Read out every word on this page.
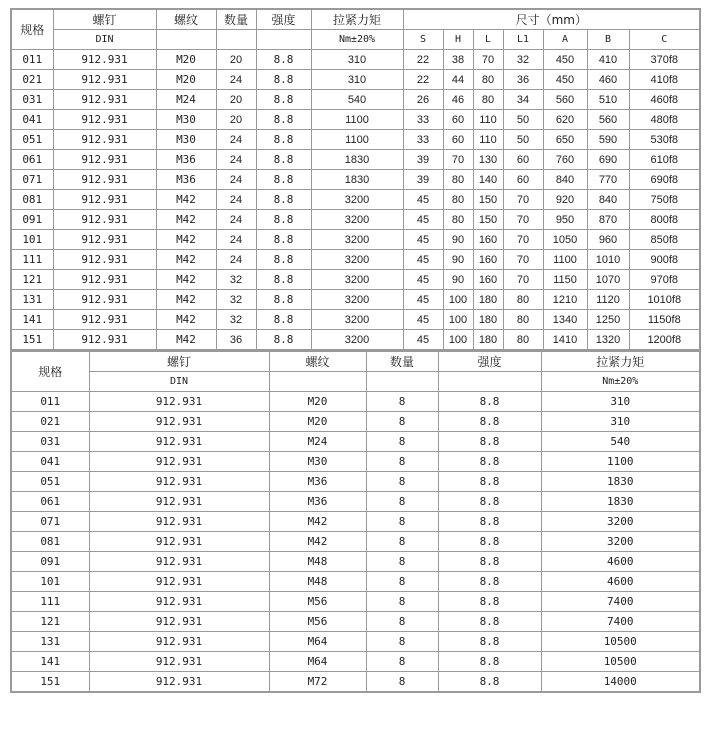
规格	螺钉	螺纹	数量	强度	拉紧力矩	尺寸（mm）						
	DIN				Nm±20%	S	H	L	L1	A	B	C
011	912.931	M20	20	8.8	310	22	38	70	32	450	410	370f8
021	912.931	M20	24	8.8	310	22	44	80	36	450	460	410f8
031	912.931	M24	20	8.8	540	26	46	80	34	560	510	460f8
041	912.931	M30	20	8.8	1100	33	60	110	50	620	560	480f8
051	912.931	M30	24	8.8	1100	33	60	110	50	650	590	530f8
061	912.931	M36	24	8.8	1830	39	70	130	60	760	690	610f8
071	912.931	M36	24	8.8	1830	39	80	140	60	840	770	690f8
081	912.931	M42	24	8.8	3200	45	80	150	70	920	840	750f8
091	912.931	M42	24	8.8	3200	45	80	150	70	950	870	800f8
101	912.931	M42	24	8.8	3200	45	90	160	70	1050	960	850f8
111	912.931	M42	24	8.8	3200	45	90	160	70	1100	1010	900f8
121	912.931	M42	32	8.8	3200	45	90	160	70	1150	1070	970f8
131	912.931	M42	32	8.8	3200	45	100	180	80	1210	1120	1010f8
141	912.931	M42	32	8.8	3200	45	100	180	80	1340	1250	1150f8
151	912.931	M42	36	8.8	3200	45	100	180	80	1410	1320	1200f8
规格	螺钉	螺纹	数量	强度	拉紧力矩
	DIN				Nm±20%
011	912.931	M20	8	8.8	310
021	912.931	M20	8	8.8	310
031	912.931	M24	8	8.8	540
041	912.931	M30	8	8.8	1100
051	912.931	M36	8	8.8	1830
061	912.931	M36	8	8.8	1830
071	912.931	M42	8	8.8	3200
081	912.931	M42	8	8.8	3200
091	912.931	M48	8	8.8	4600
101	912.931	M48	8	8.8	4600
111	912.931	M56	8	8.8	7400
121	912.931	M56	8	8.8	7400
131	912.931	M64	8	8.8	10500
141	912.931	M64	8	8.8	10500
151	912.931	M72	8	8.8	14000
